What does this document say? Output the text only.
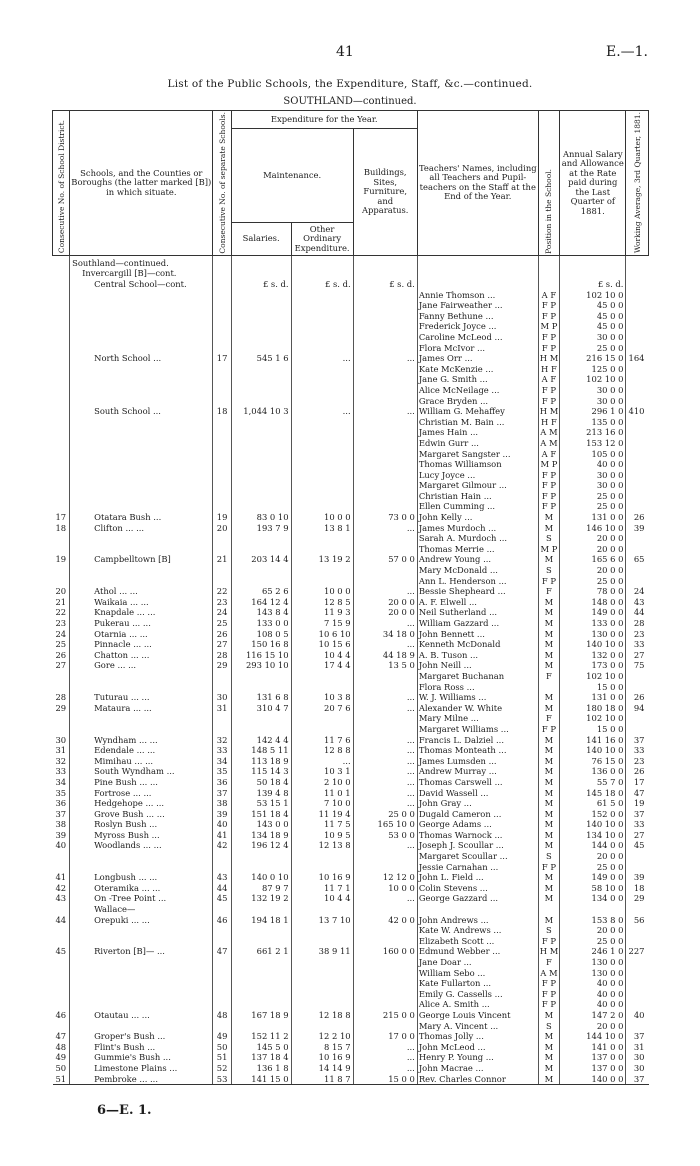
41	E.—1.
List of the Public Schools, the Expenditure, Staff, &c.—continued.
SOUTHLAND—continued.
Consecutive No. of School District.	Schools, and the Counties or Boroughs (the latter marked [B]) in which situate.	Consecutive No. of separate Schools.	Expenditure for the Year.			Teachers' Names, including all Teachers and Pupil-teachers on the Staff at the End of the Year.	Position in the School.	Annual Salary and Allowance at the Rate paid during the Last Quarter of 1881.	Working Average, 3rd Quarter, 1881.

			Maintenance.		Buildings, Sites, Furniture, and Apparatus.				
			Salaries.	Other Ordinary Expenditure.					
	Southland—continued.								
	Invercargill [B]—cont.								
	Central School—cont.		£ s. d.	£ s. d.	£ s. d.			£ s. d.	
						Annie Thomson ...	A F	102 10 0	
						Jane Fairweather ...	F P	45 0 0	
						Fanny Bethune ...	F P	45 0 0	
						Frederick Joyce ...	M P	45 0 0	
						Caroline McLeod ...	F P	30 0 0	
						Flora McIvor ...	F P	25 0 0	
	North School ...	17	545 1 6	...	...	James Orr ...	H M	216 15 0	164
						Kate McKenzie ...	H F	125 0 0	
						Jane G. Smith ...	A F	102 10 0	
						Alice McNeilage ...	F P	30 0 0	
						Grace Bryden ...	F P	30 0 0	
	South School ...	18	1,044 10 3	...	...	William G. Mehaffey	H M	296 1 0	410
						Christian M. Bain ...	H F	135 0 0	
						James Hain ...	A M	213 16 0	
						Edwin Gurr ...	A M	153 12 0	
						Margaret Sangster ...	A F	105 0 0	
						Thomas Williamson	M P	40 0 0	
						Lucy Joyce ...	F P	30 0 0	
						Margaret Gilmour ...	F P	30 0 0	
						Christian Hain ...	F P	25 0 0	
						Ellen Cumming ...	F P	25 0 0	
17	Otatara Bush ...	19	83 0 10	10 0 0	73 0 0	John Kelly ...	M	131 0 0	26
18	Clifton ... ...	20	193 7 9	13 8 1	...	James Murdoch ...	M	146 10 0	39
						Sarah A. Murdoch ...	S	20 0 0	
						Thomas Merrie ...	M P	20 0 0	
19	Campbelltown [B]	21	203 14 4	13 19 2	57 0 0	Andrew Young ...	M	165 6 0	65
						Mary McDonald ...	S	20 0 0	
						Ann L. Henderson ...	F P	25 0 0	
20	Athol ... ...	22	65 2 6	10 0 0	...	Bessie Shepheard ...	F	78 0 0	24
21	Waikaia ... ...	23	164 12 4	12 8 5	20 0 0	A. F. Elwell ...	M	148 0 0	43
22	Knapdale ... ...	24	143 8 4	11 9 3	20 0 0	Neil Sutherland ...	M	149 0 0	44
23	Pukerau ... ...	25	133 0 0	7 15 9	...	William Gazzard ...	M	133 0 0	28
24	Otarnia ... ...	26	108 0 5	10 6 10	34 18 0	John Bennett ...	M	130 0 0	23
25	Pinnacle ... ...	27	150 16 8	10 15 6	...	Kenneth McDonald	M	140 10 0	33
26	Chatton ... ...	28	116 15 10	10 4 4	44 18 9	A. B. Tuson ...	M	132 0 0	27
27	Gore ... ...	29	293 10 10	17 4 4	13 5 0	John Neill ...	M	173 0 0	75
						Margaret Buchanan	F	102 10 0	
						Flora Ross ...		15 0 0	
28	Tuturau ... ...	30	131 6 8	10 3 8	...	W. J. Williams ...	M	131 0 0	26
29	Mataura ... ...	31	310 4 7	20 7 6	...	Alexander W. White	M	180 18 0	94
						Mary Milne ...	F	102 10 0	
						Margaret Williams ...	F P	15 0 0	
30	Wyndham ... ...	32	142 4 4	11 7 6	...	Francis L. Dalziel ...	M	141 16 0	37
31	Edendale ... ...	33	148 5 11	12 8 8	...	Thomas Monteath ...	M	140 10 0	33
32	Mimihau ... ...	34	113 18 9	...	...	James Lumsden ...	M	76 15 0	23
33	South Wyndham ...	35	115 14 3	10 3 1	...	Andrew Murray ...	M	136 0 0	26
34	Pine Bush ... ...	36	50 18 4	2 10 0	...	Thomas Carswell ...	M	55 7 0	17
35	Fortrose ... ...	37	139 4 8	11 0 1	...	David Wassell ...	M	145 18 0	47
36	Hedgehope ... ...	38	53 15 1	7 10 0	...	John Gray ...	M	61 5 0	19
37	Grove Bush ... ...	39	151 18 4	11 19 4	25 0 0	Dugald Cameron ...	M	152 0 0	37
38	Roslyn Bush ...	40	143 0 0	11 7 5	165 10 0	George Adams ...	M	140 10 0	33
39	Myross Bush ...	41	134 18 9	10 9 5	53 0 0	Thomas Warnock ...	M	134 10 0	27
40	Woodlands ... ...	42	196 12 4	12 13 8	...	Joseph J. Scoullar ...	M	144 0 0	45
						Margaret Scoullar ...	S	20 0 0	
						Jessie Carnahan ...	F P	25 0 0	
41	Longbush ... ...	43	140 0 10	10 16 9	12 12 0	John L. Field ...	M	149 0 0	39
42	Oteramika ... ...	44	87 9 7	11 7 1	10 0 0	Colin Stevens ...	M	58 10 0	18
43	On -Tree Point ...	45	132 19 2	10 4 4	...	George Gazzard ...	M	134 0 0	29
	Wallace—								
44	Orepuki ... ...	46	194 18 1	13 7 10	42 0 0	John Andrews ...	M	153 8 0	56
						Kate W. Andrews ...	S	20 0 0	
						Elizabeth Scott ...	F P	25 0 0	
45	Riverton [B]— ...	47	661 2 1	38 9 11	160 0 0	Edmund Webber ...	H M	246 1 0	227
						Jane Doar ...	F	130 0 0	
						William Sebo ...	A M	130 0 0	
						Kate Fullarton ...	F P	40 0 0	
						Emily G. Cassells ...	F P	40 0 0	
						Alice A. Smith ...	F P	40 0 0	
46	Otautau ... ...	48	167 18 9	12 18 8	215 0 0	George Louis Vincent	M	147 2 0	40
						Mary A. Vincent ...	S	20 0 0	
47	Groper's Bush ...	49	152 11 2	12 2 10	17 0 0	Thomas Jolly ...	M	144 10 0	37
48	Flint's Bush ...	50	145 5 0	8 15 7	...	John McLeod ...	M	141 0 0	31
49	Gummie's Bush ...	51	137 18 4	10 16 9	...	Henry P. Young ...	M	137 0 0	30
50	Limestone Plains ...	52	136 1 8	14 14 9	...	John Macrae ...	M	137 0 0	30
51	Pembroke ... ...	53	141 15 0	11 8 7	15 0 0	Rev. Charles Connor	M	140 0 0	37
6—E. 1.
